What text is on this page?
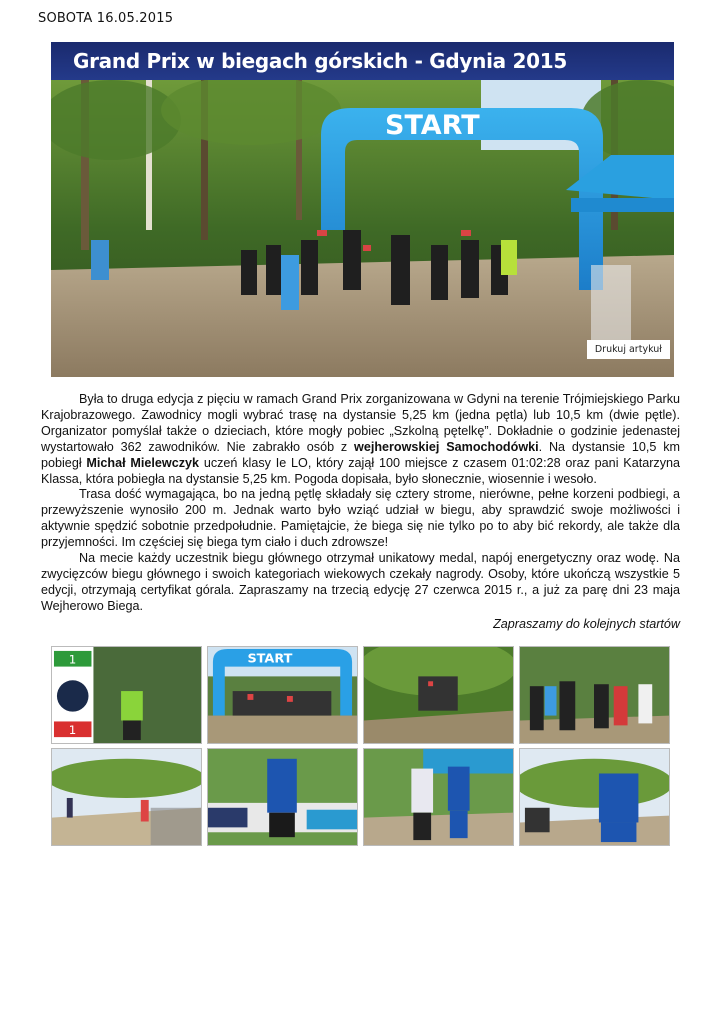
SOBOTA 16.05.2015
Grand Prix w biegach górskich - Gdynia 2015
START
Drukuj artykuł

Była to druga edycja z pięciu w ramach Grand Prix zorganizowana w Gdyni na terenie Trójmiejskiego Parku Krajobrazowego. Zawodnicy mogli wybrać trasę na dystansie 5,25 km (jedna pętla) lub 10,5 km (dwie pętle). Organizator pomyślał także o dzieciach, które mogły pobiec „Szkolną pętelkę”. Dokładnie o godzinie jedenastej wystartowało 362 zawodników. Nie zabrakło osób z wejherowskiej Samochodówki. Na dystansie 10,5 km pobiegł Michał Mielewczyk uczeń klasy Ie LO, który zajął 100 miejsce z czasem 01:02:28 oraz pani Katarzyna Klassa, która pobiegła na dystansie 5,25 km. Pogoda dopisała, było słonecznie, wiosennie i wesoło.

Trasa dość wymagająca, bo na jedną pętlę składały się cztery strome, nierówne, pełne korzeni podbiegi, a przewyższenie wynosiło 200 m. Jednak warto było wziąć udział w biegu, aby sprawdzić swoje możliwości i aktywnie spędzić sobotnie przedpołudnie. Pamiętajcie, że biega się nie tylko po to aby bić rekordy, ale także dla przyjemności. Im częściej się biega tym ciało i duch zdrowsze!

Na mecie każdy uczestnik biegu głównego otrzymał unikatowy medal, napój energetyczny oraz wodę. Na zwycięzców biegu głównego i swoich kategoriach wiekowych czekały nagrody. Osoby, które ukończą wszystkie 5 edycji, otrzymają certyfikat górala. Zapraszamy na trzecią edycję 27 czerwca 2015 r., a już za parę dni 23 maja Wejherowo Biega.

Zapraszamy do kolejnych startów
1
1
START
